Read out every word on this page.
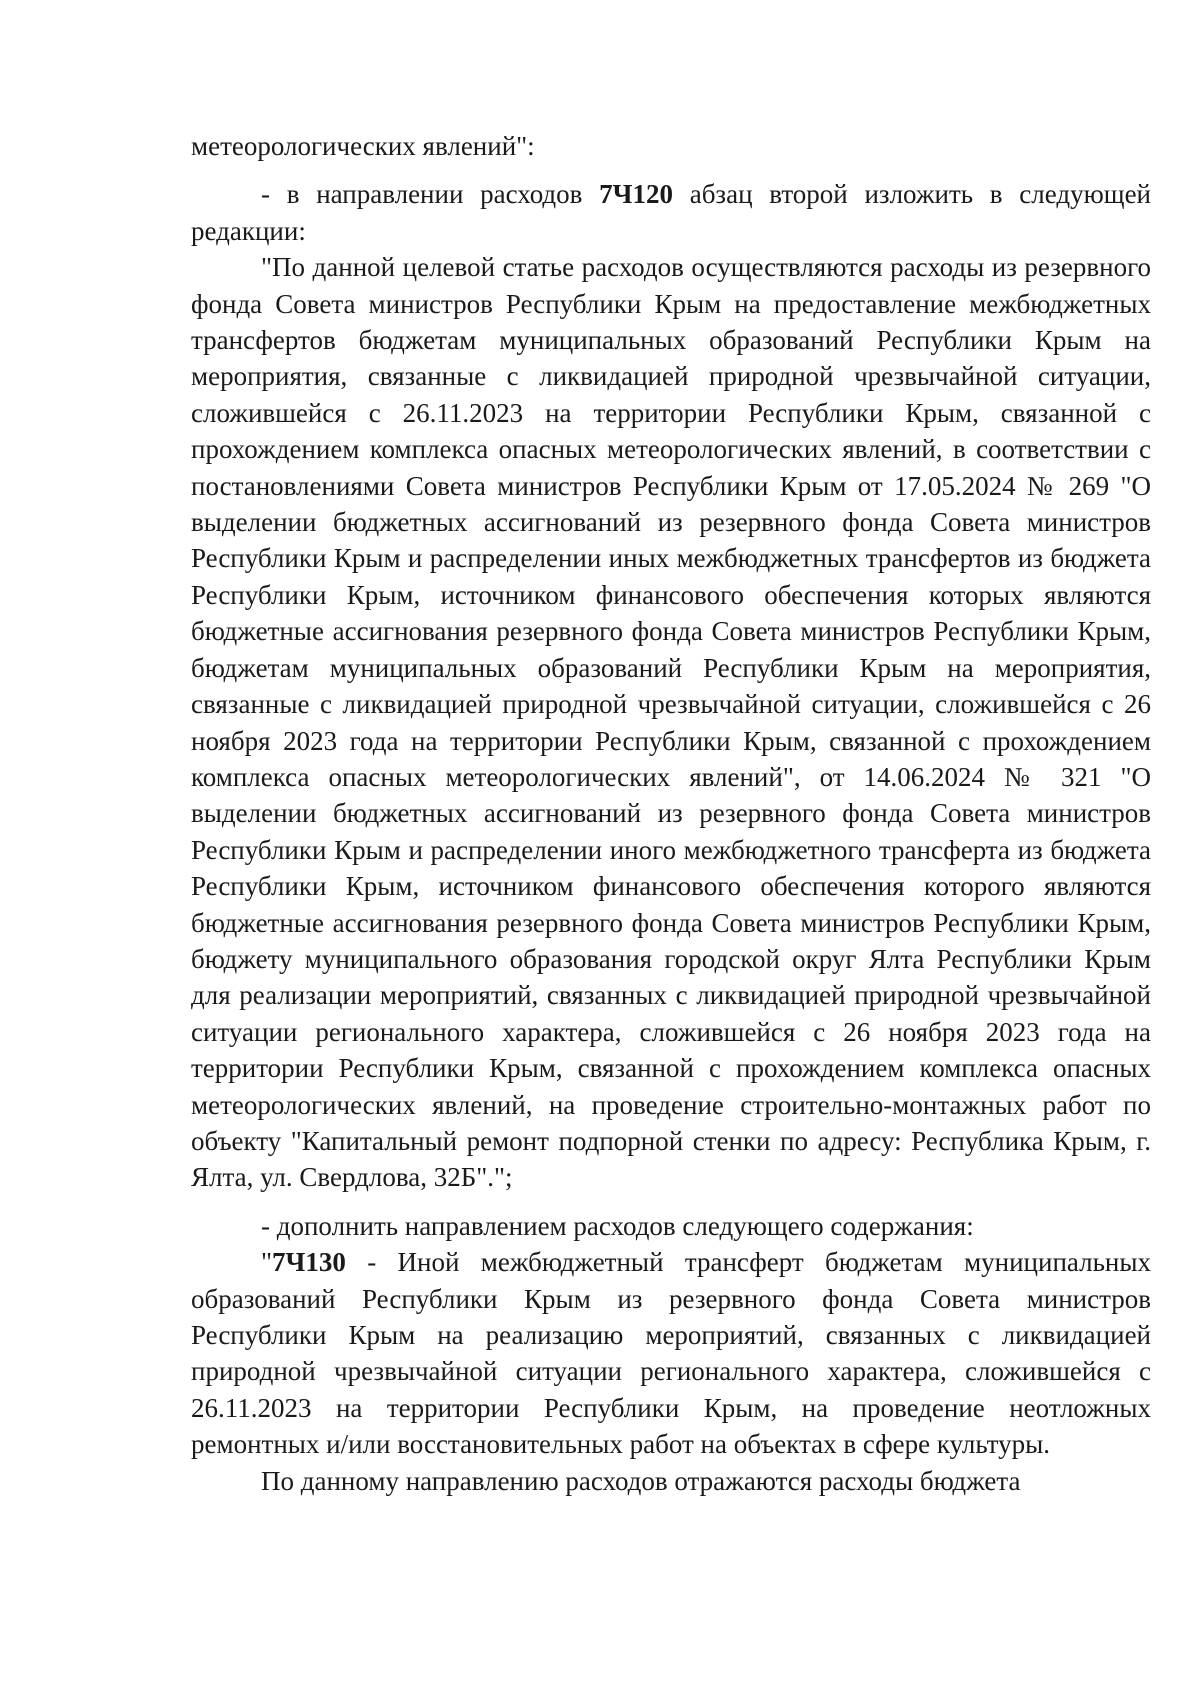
метеорологических явлений":

- в направлении расходов 7Ч120 абзац второй изложить в следующей редакции:

"По данной целевой статье расходов осуществляются расходы из резервного фонда Совета министров Республики Крым на предоставление межбюджетных трансфертов бюджетам муниципальных образований Республики Крым на мероприятия, связанные с ликвидацией природной чрезвычайной ситуации, сложившейся с 26.11.2023 на территории Республики Крым, связанной с прохождением комплекса опасных метеорологических явлений, в соответствии с постановлениями Совета министров Республики Крым от 17.05.2024 № 269 "О выделении бюджетных ассигнований из резервного фонда Совета министров Республики Крым и распределении иных межбюджетных трансфертов из бюджета Республики Крым, источником финансового обеспечения которых являются бюджетные ассигнования резервного фонда Совета министров Республики Крым, бюджетам муниципальных образований Республики Крым на мероприятия, связанные с ликвидацией природной чрезвычайной ситуации, сложившейся с 26 ноября 2023 года на территории Республики Крым, связанной с прохождением комплекса опасных метеорологических явлений", от 14.06.2024 № 321 "О выделении бюджетных ассигнований из резервного фонда Совета министров Республики Крым и распределении иного межбюджетного трансферта из бюджета Республики Крым, источником финансового обеспечения которого являются бюджетные ассигнования резервного фонда Совета министров Республики Крым, бюджету муниципального образования городской округ Ялта Республики Крым для реализации мероприятий, связанных с ликвидацией природной чрезвычайной ситуации регионального характера, сложившейся с 26 ноября 2023 года на территории Республики Крым, связанной с прохождением комплекса опасных метеорологических явлений, на проведение строительно-монтажных работ по объекту "Капитальный ремонт подпорной стенки по адресу: Республика Крым, г. Ялта, ул. Свердлова, 32Б".";

- дополнить направлением расходов следующего содержания:

"7Ч130 - Иной межбюджетный трансферт бюджетам муниципальных образований Республики Крым из резервного фонда Совета министров Республики Крым на реализацию мероприятий, связанных с ликвидацией природной чрезвычайной ситуации регионального характера, сложившейся с 26.11.2023 на территории Республики Крым, на проведение неотложных ремонтных и/или восстановительных работ на объектах в сфере культуры.

По данному направлению расходов отражаются расходы бюджета
